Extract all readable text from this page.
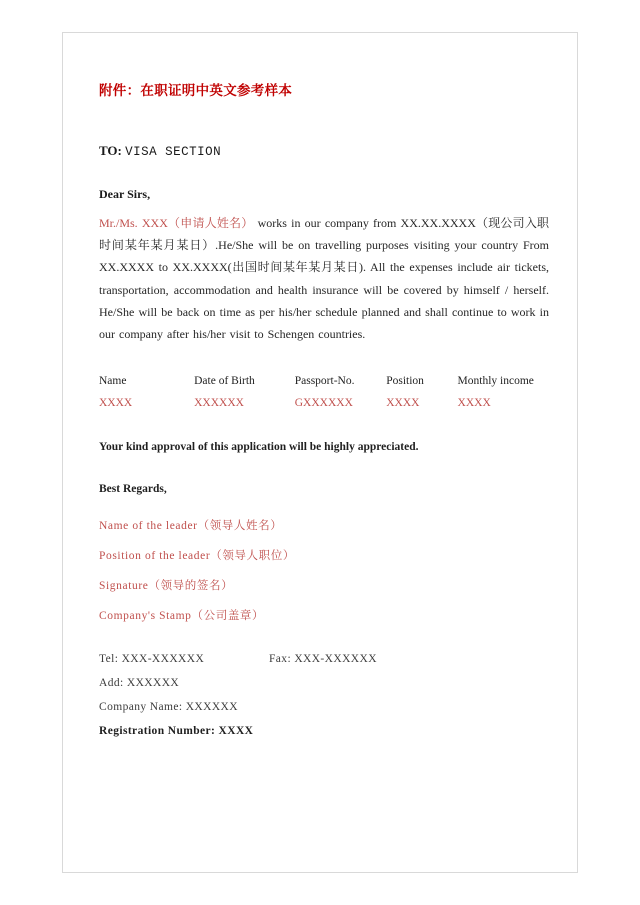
附件：在职证明中英文参考样本
TO: VISA SECTION
Dear Sirs,

Mr./Ms. XXX（申请人姓名） works in our company from XX.XX.XXXX（现公司入职时间某年某月某日）.He/She will be on travelling purposes visiting your country From XX.XXXX to XX.XXXX(出国时间某年某月某日). All the expenses include air tickets, transportation, accommodation and health insurance will be covered by himself / herself. He/She will be back on time as per his/her schedule planned and shall continue to work in our company after his/her visit to Schengen countries.

Name	Date of Birth	Passport-No.	Position	Monthly income
XXXX	XXXXXX	GXXXXXX	XXXX	XXXX
Your kind approval of this application will be highly appreciated.
Best Regards,
Name of the leader（领导人姓名）
Position of the leader（领导人职位）
Signature（领导的签名）
Company's Stamp（公司盖章）
Tel: XXX-XXXXXX	Fax: XXX-XXXXXX
Add: XXXXXX
Company Name: XXXXXX
Registration Number: XXXX
